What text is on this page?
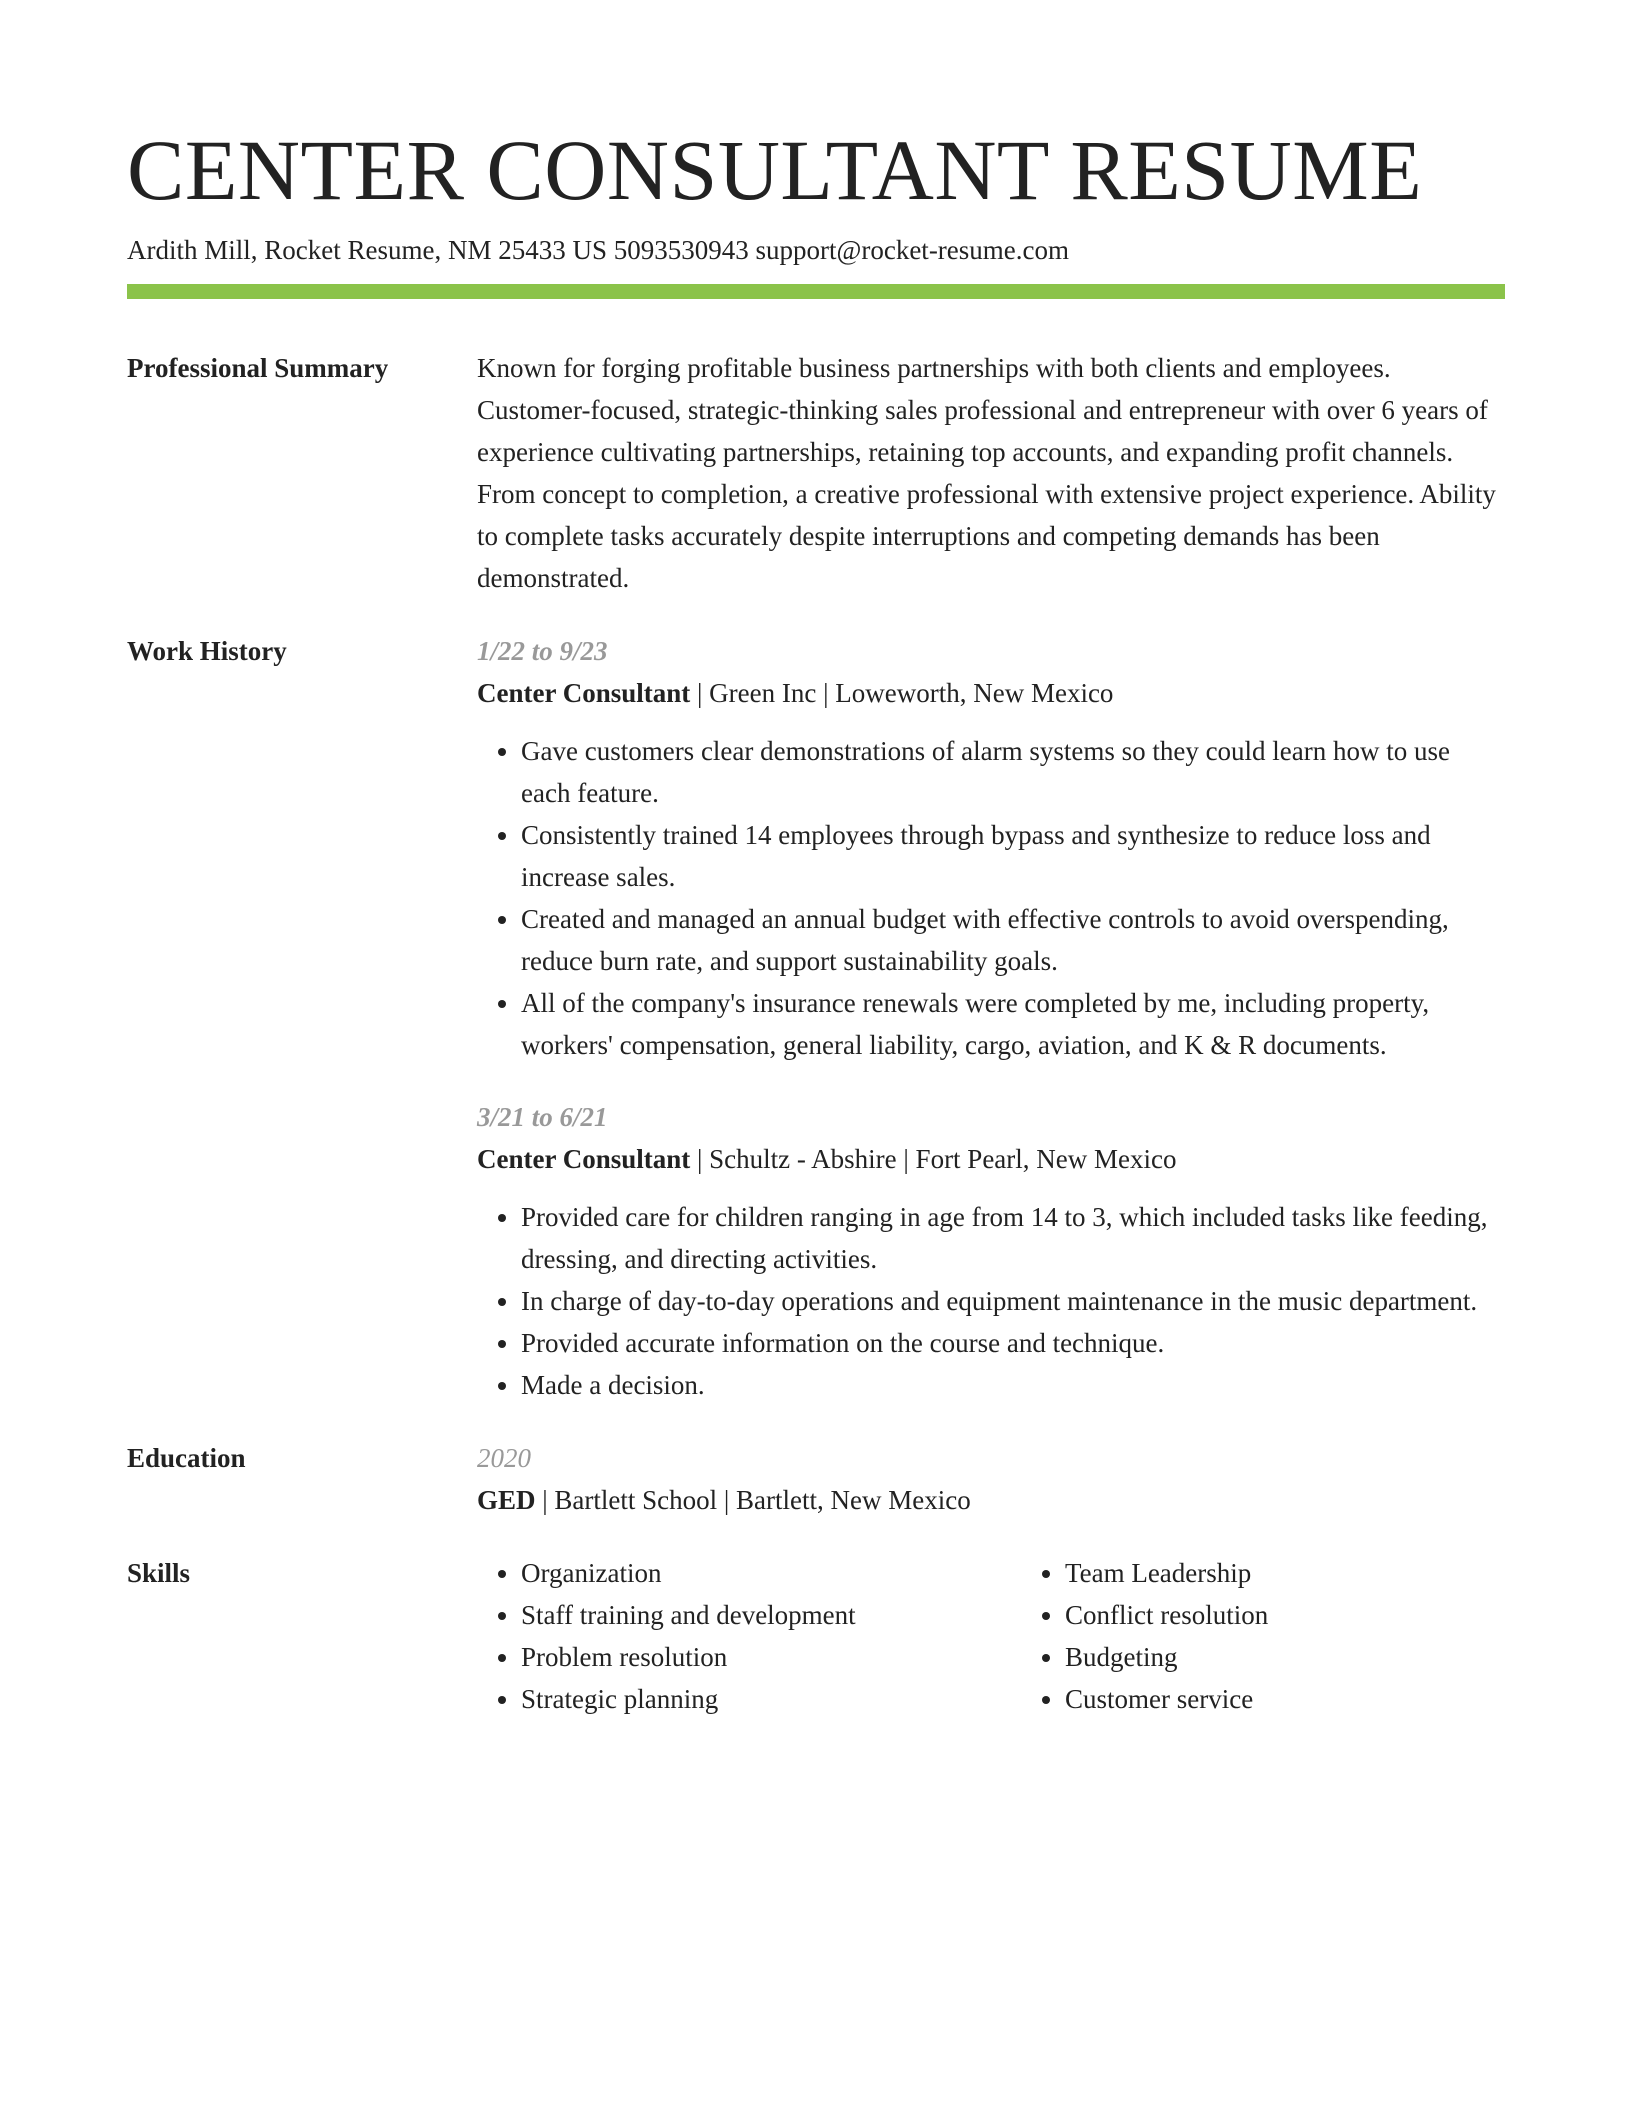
CENTER CONSULTANT RESUME
Ardith Mill, Rocket Resume, NM 25433 US 5093530943 support@rocket-resume.com
Professional Summary	Known for forging profitable business partnerships with both clients and employees. Customer-focused, strategic-thinking sales professional and entrepreneur with over 6 years of experience cultivating partnerships, retaining top accounts, and expanding profit channels. From concept to completion, a creative professional with extensive project experience. Ability to complete tasks accurately despite interruptions and competing demands has been demonstrated.
Work History	1/22 to 9/23
Center Consultant | Green Inc | Loweworth, New Mexico
• Gave customers clear demonstrations of alarm systems so they could learn how to use each feature.
• Consistently trained 14 employees through bypass and synthesize to reduce loss and increase sales.
• Created and managed an annual budget with effective controls to avoid overspending, reduce burn rate, and support sustainability goals.
• All of the company's insurance renewals were completed by me, including property, workers' compensation, general liability, cargo, aviation, and K & R documents.
3/21 to 6/21
Center Consultant | Schultz - Abshire | Fort Pearl, New Mexico
• Provided care for children ranging in age from 14 to 3, which included tasks like feeding, dressing, and directing activities.
• In charge of day-to-day operations and equipment maintenance in the music department.
• Provided accurate information on the course and technique.
• Made a decision.
Education	2020
GED | Bartlett School | Bartlett, New Mexico
Skills
•	Organization
• Staff training and development
• Problem resolution
• Strategic planning
• Team Leadership
• Conflict resolution
• Budgeting
• Customer service
